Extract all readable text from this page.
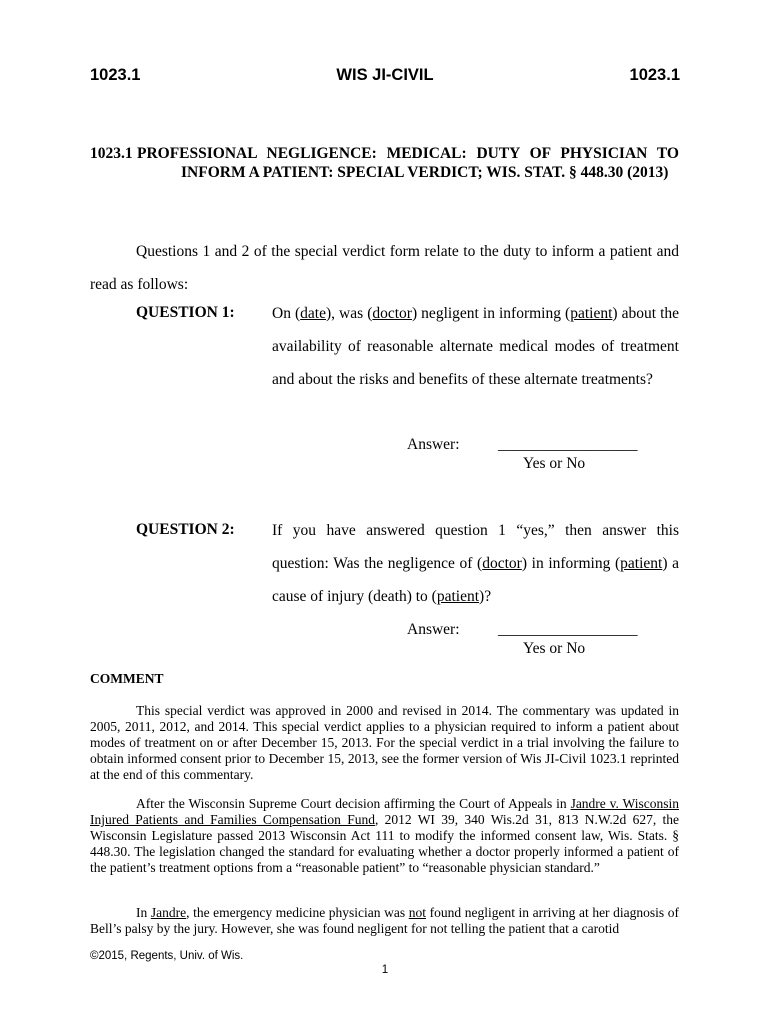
1023.1	WIS JI-CIVIL	1023.1
1023.1 PROFESSIONAL NEGLIGENCE: MEDICAL: DUTY OF PHYSICIAN TO INFORM A PATIENT: SPECIAL VERDICT; WIS. STAT. § 448.30 (2013)

Questions 1 and 2 of the special verdict form relate to the duty to inform a patient and read as follows:

QUESTION 1: On (date), was (doctor) negligent in informing (patient) about the availability of reasonable alternate medical modes of treatment and about the risks and benefits of these alternate treatments?

Answer: __________________
Yes or No
QUESTION 2: If you have answered question 1 “yes,” then answer this question: Was the negligence of (doctor) in informing (patient) a cause of injury (death) to (patient)?

Answer: __________________
Yes or No
COMMENT

This special verdict was approved in 2000 and revised in 2014. The commentary was updated in 2005, 2011, 2012, and 2014. This special verdict applies to a physician required to inform a patient about modes of treatment on or after December 15, 2013. For the special verdict in a trial involving the failure to obtain informed consent prior to December 15, 2013, see the former version of Wis JI-Civil 1023.1 reprinted at the end of this commentary.

After the Wisconsin Supreme Court decision affirming the Court of Appeals in Jandre v. Wisconsin Injured Patients and Families Compensation Fund, 2012 WI 39, 340 Wis.2d 31, 813 N.W.2d 627, the Wisconsin Legislature passed 2013 Wisconsin Act 111 to modify the informed consent law, Wis. Stats. § 448.30. The legislation changed the standard for evaluating whether a doctor properly informed a patient of the patient’s treatment options from a “reasonable patient” to “reasonable physician standard.”

In Jandre, the emergency medicine physician was not found negligent in arriving at her diagnosis of Bell’s palsy by the jury. However, she was found negligent for not telling the patient that a carotid

©2015, Regents, Univ. of Wis.
1
